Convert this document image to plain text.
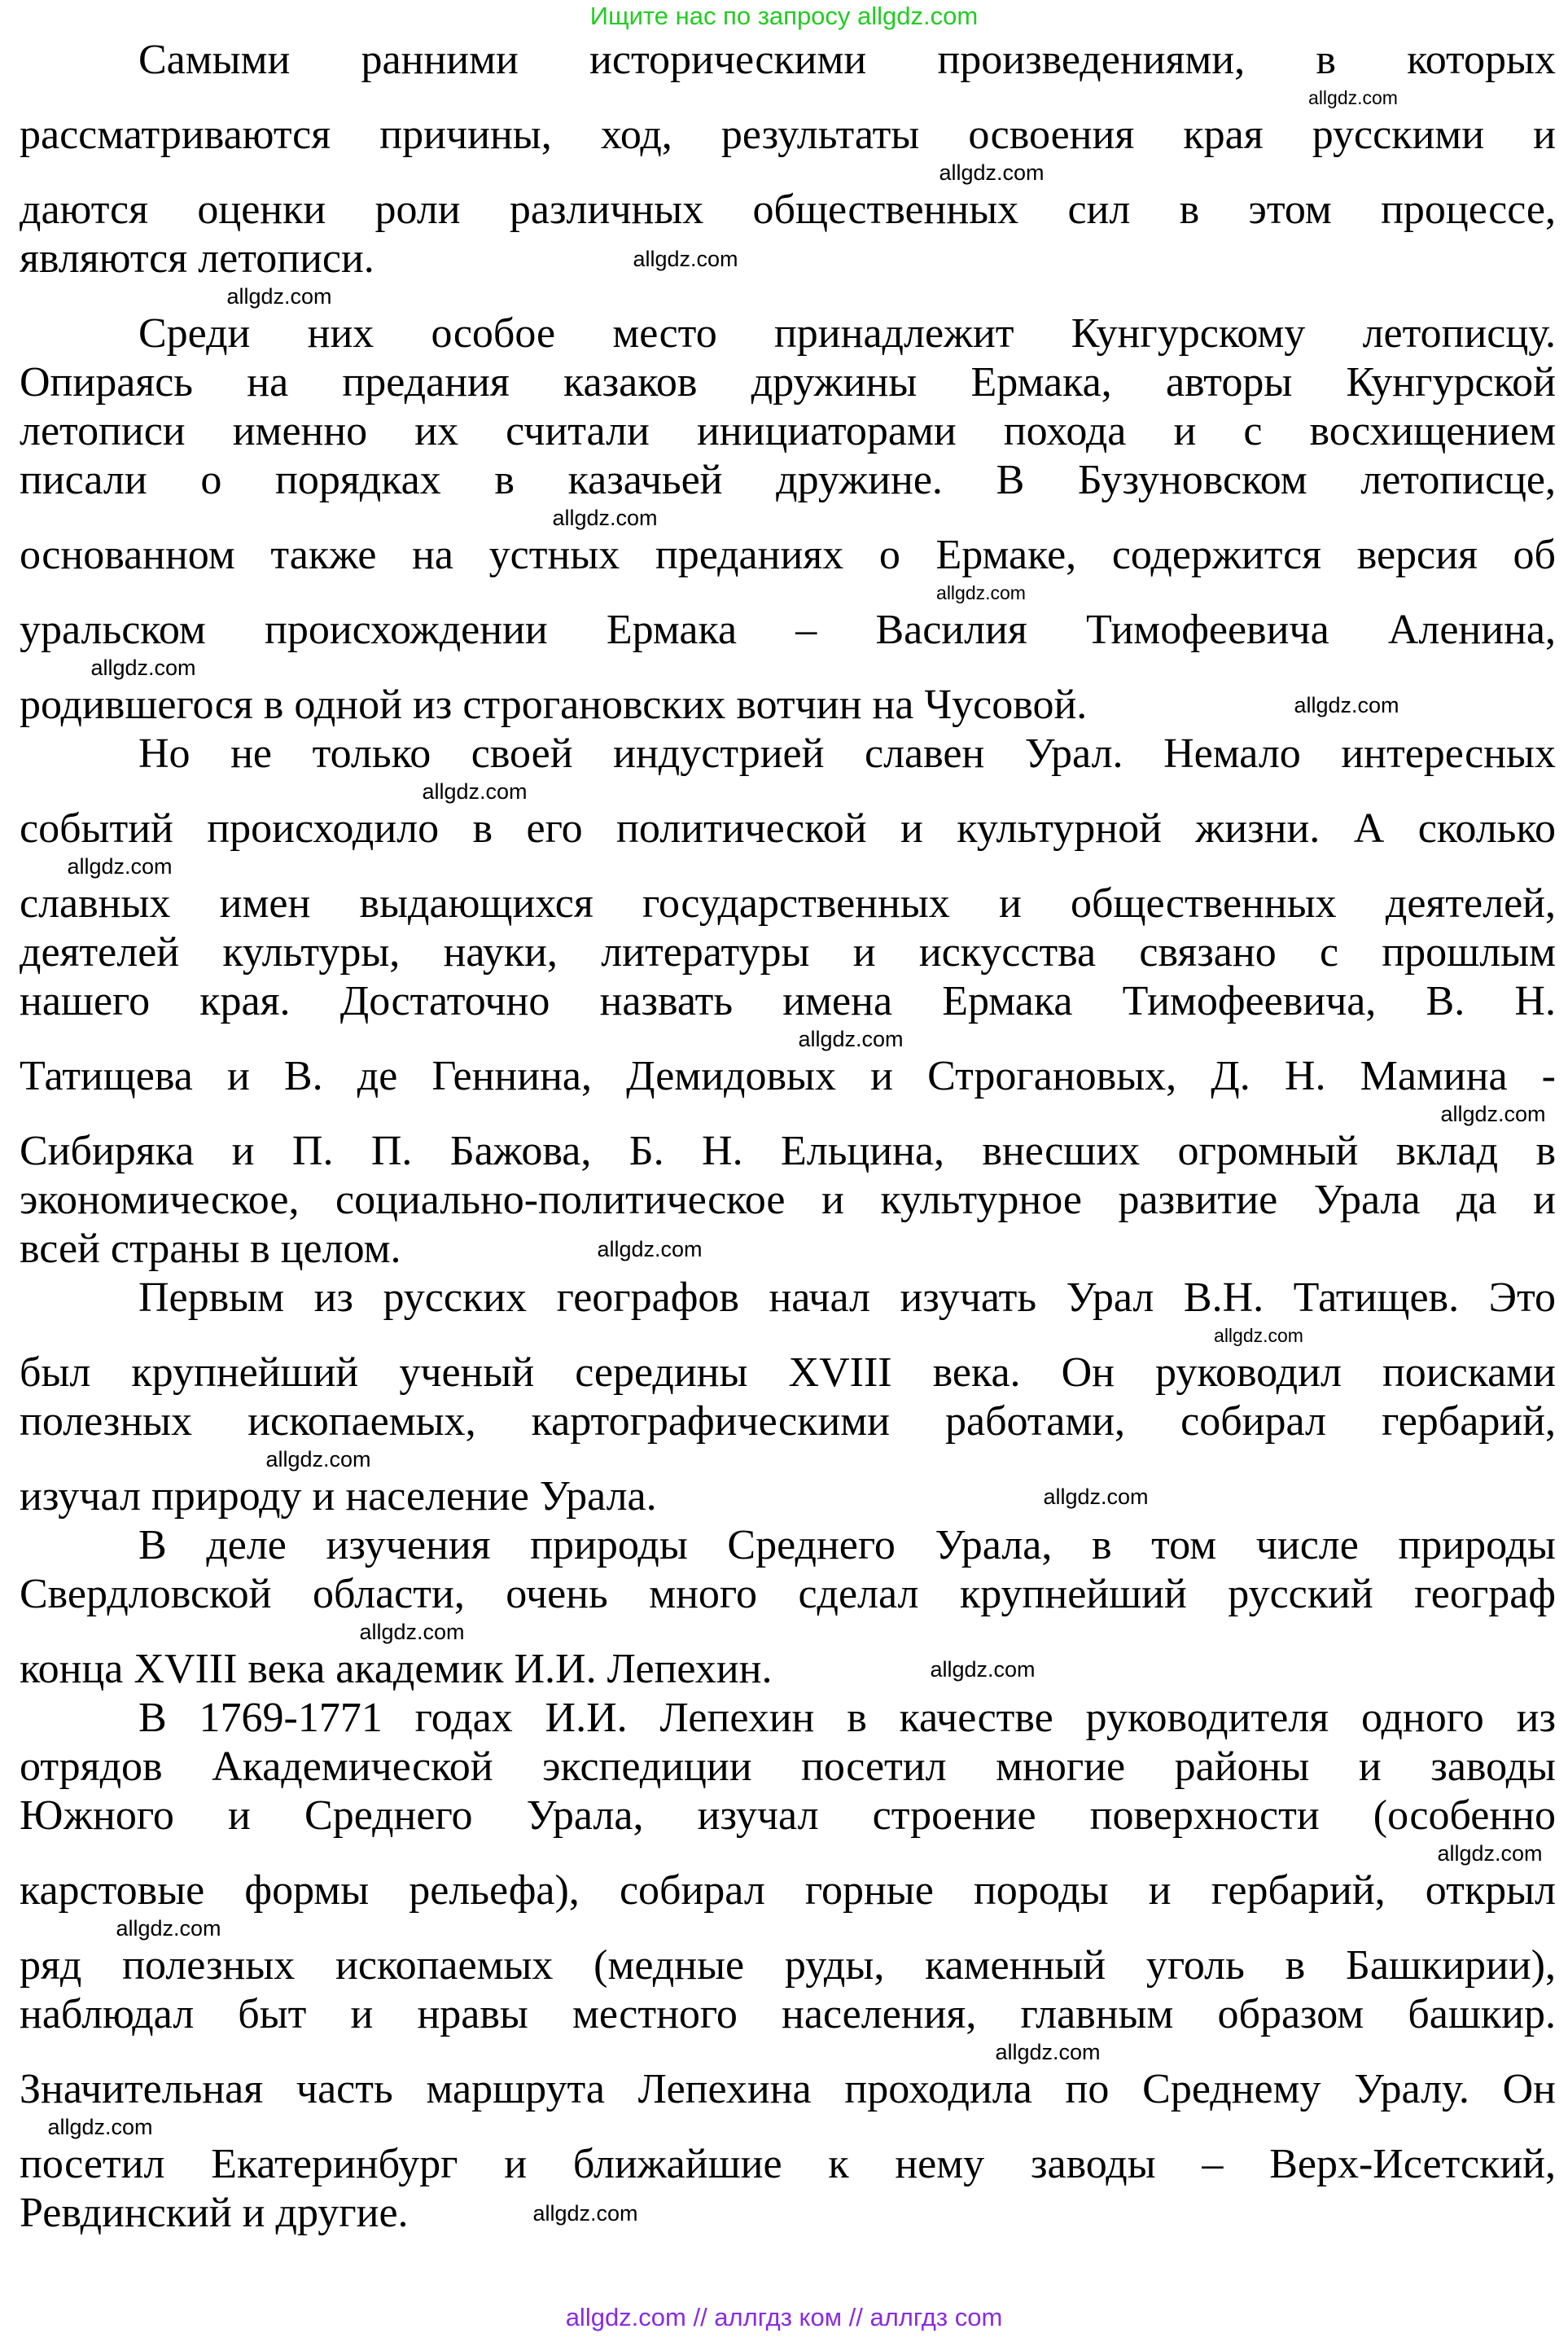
Ищите нас по запросу allgdz.com
Самыми ранними историческими произведениями, в которых
allgdz.com
рассматриваются причины, ход, результаты освоения края русскими и
allgdz.com
даются оценки роли различных общественных сил в этом процессе,
являются летописи.	allgdz.com
allgdz.com
Среди них особое место принадлежит Кунгурскому летописцу.
Опираясь на предания казаков дружины Ермака, авторы Кунгурской
летописи именно их считали инициаторами похода и с восхищением
писали о порядках в казачьей дружине. В Бузуновском летописце,
allgdz.com
основанном также на устных преданиях о Ермаке, содержится версия об
allgdz.com
уральском происхождении Ермака – Василия Тимофеевича Аленина,
allgdz.com
родившегося в одной из строгановских вотчин на Чусовой.	allgdz.com
Но не только своей индустрией славен Урал. Немало интересных
allgdz.com
событий происходило в его политической и культурной жизни. А сколько
allgdz.com
славных имен выдающихся государственных и общественных деятелей,
деятелей культуры, науки, литературы и искусства связано с прошлым
нашего края. Достаточно назвать имена Ермака Тимофеевича, В. Н.
allgdz.com
Татищева и В. де Геннина, Демидовых и Строгановых, Д. Н. Мамина -
allgdz.com
Сибиряка и П. П. Бажова, Б. Н. Ельцина, внесших огромный вклад в
экономическое, социально-политическое и культурное развитие Урала да и
всей страны в целом.	allgdz.com
Первым из русских географов начал изучать Урал В.Н. Татищев. Это
allgdz.com
был крупнейший ученый середины XVIII века. Он руководил поисками
полезных ископаемых, картографическими работами, собирал гербарий,
allgdz.com
изучал природу и население Урала.	allgdz.com
В деле изучения природы Среднего Урала, в том числе природы
Свердловской области, очень много сделал крупнейший русский географ
allgdz.com
конца XVIII века академик И.И. Лепехин.	allgdz.com
В 1769-1771 годах И.И. Лепехин в качестве руководителя одного из
отрядов Академической экспедиции посетил многие районы и заводы
Южного и Среднего Урала, изучал строение поверхности (особенно
allgdz.com
карстовые формы рельефа), собирал горные породы и гербарий, открыл
allgdz.com
ряд полезных ископаемых (медные руды, каменный уголь в Башкирии),
наблюдал быт и нравы местного населения, главным образом башкир.
allgdz.com
Значительная часть маршрута Лепехина проходила по Среднему Уралу. Он
allgdz.com
посетил Екатеринбург и ближайшие к нему заводы – Верх-Исетский,
Ревдинский и другие.	allgdz.com
allgdz.com // аллгдз ком // аллгдз com
